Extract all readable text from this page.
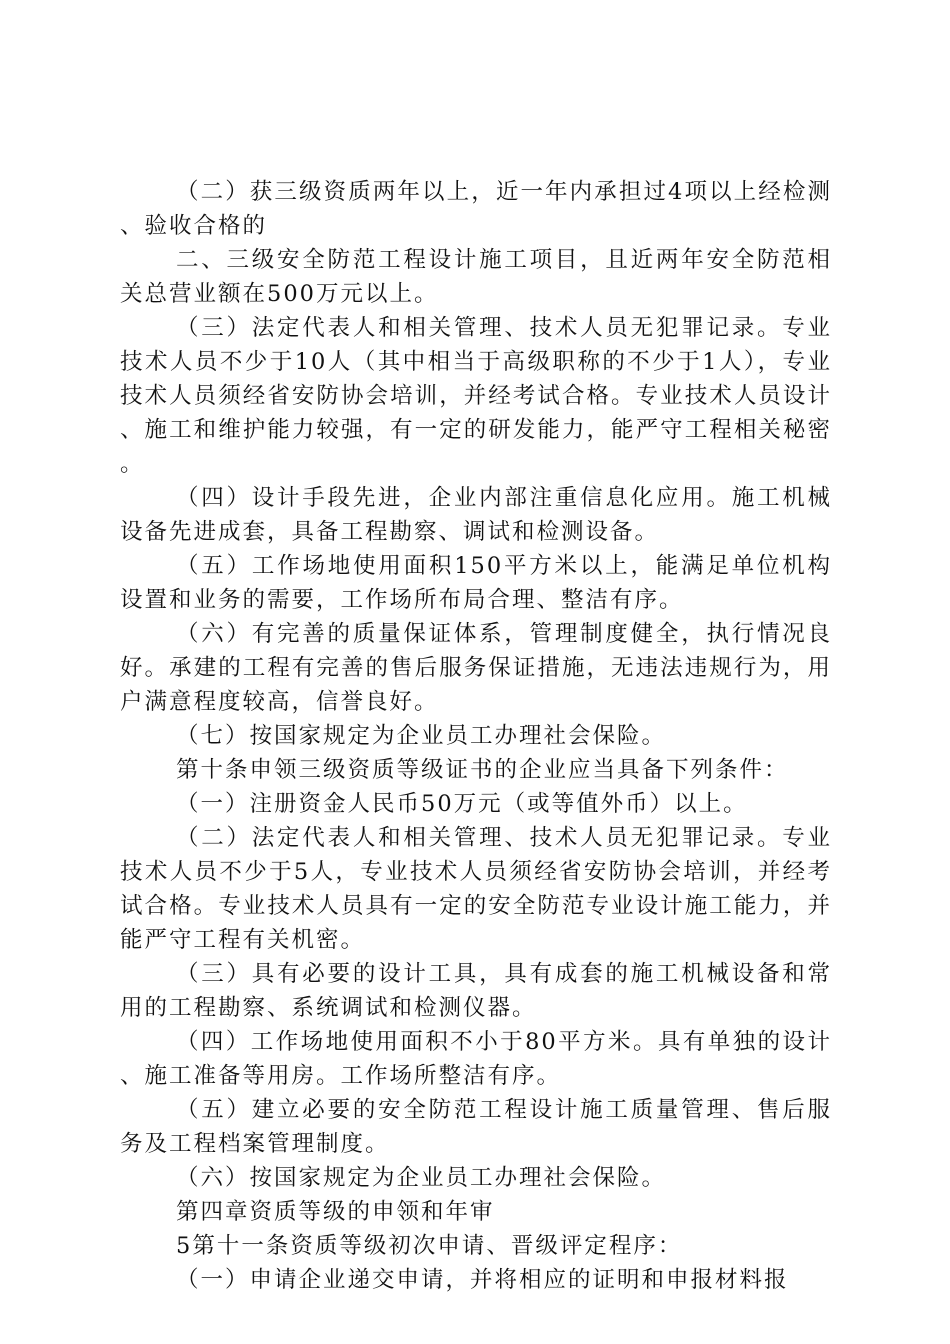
（二）获三级资质两年以上，近一年内承担过4项以上经检测、验收合格的

二、三级安全防范工程设计施工项目，且近两年安全防范相关总营业额在500万元以上。

（三）法定代表人和相关管理、技术人员无犯罪记录。专业技术人员不少于10人（其中相当于高级职称的不少于1人），专业技术人员须经省安防协会培训，并经考试合格。专业技术人员设计、施工和维护能力较强，有一定的研发能力，能严守工程相关秘密。

（四）设计手段先进，企业内部注重信息化应用。施工机械设备先进成套，具备工程勘察、调试和检测设备。

（五）工作场地使用面积150平方米以上，能满足单位机构设置和业务的需要，工作场所布局合理、整洁有序。

（六）有完善的质量保证体系，管理制度健全，执行情况良好。承建的工程有完善的售后服务保证措施，无违法违规行为，用户满意程度较高，信誉良好。

（七）按国家规定为企业员工办理社会保险。

第十条申领三级资质等级证书的企业应当具备下列条件：

（一）注册资金人民币50万元（或等值外币）以上。

（二）法定代表人和相关管理、技术人员无犯罪记录。专业技术人员不少于5人，专业技术人员须经省安防协会培训，并经考试合格。专业技术人员具有一定的安全防范专业设计施工能力，并能严守工程有关机密。

（三）具有必要的设计工具，具有成套的施工机械设备和常用的工程勘察、系统调试和检测仪器。

（四）工作场地使用面积不小于80平方米。具有单独的设计、施工准备等用房。工作场所整洁有序。

（五）建立必要的安全防范工程设计施工质量管理、售后服务及工程档案管理制度。

（六）按国家规定为企业员工办理社会保险。

第四章资质等级的申领和年审

5第十一条资质等级初次申请、晋级评定程序：

（一）申请企业递交申请，并将相应的证明和申报材料报
